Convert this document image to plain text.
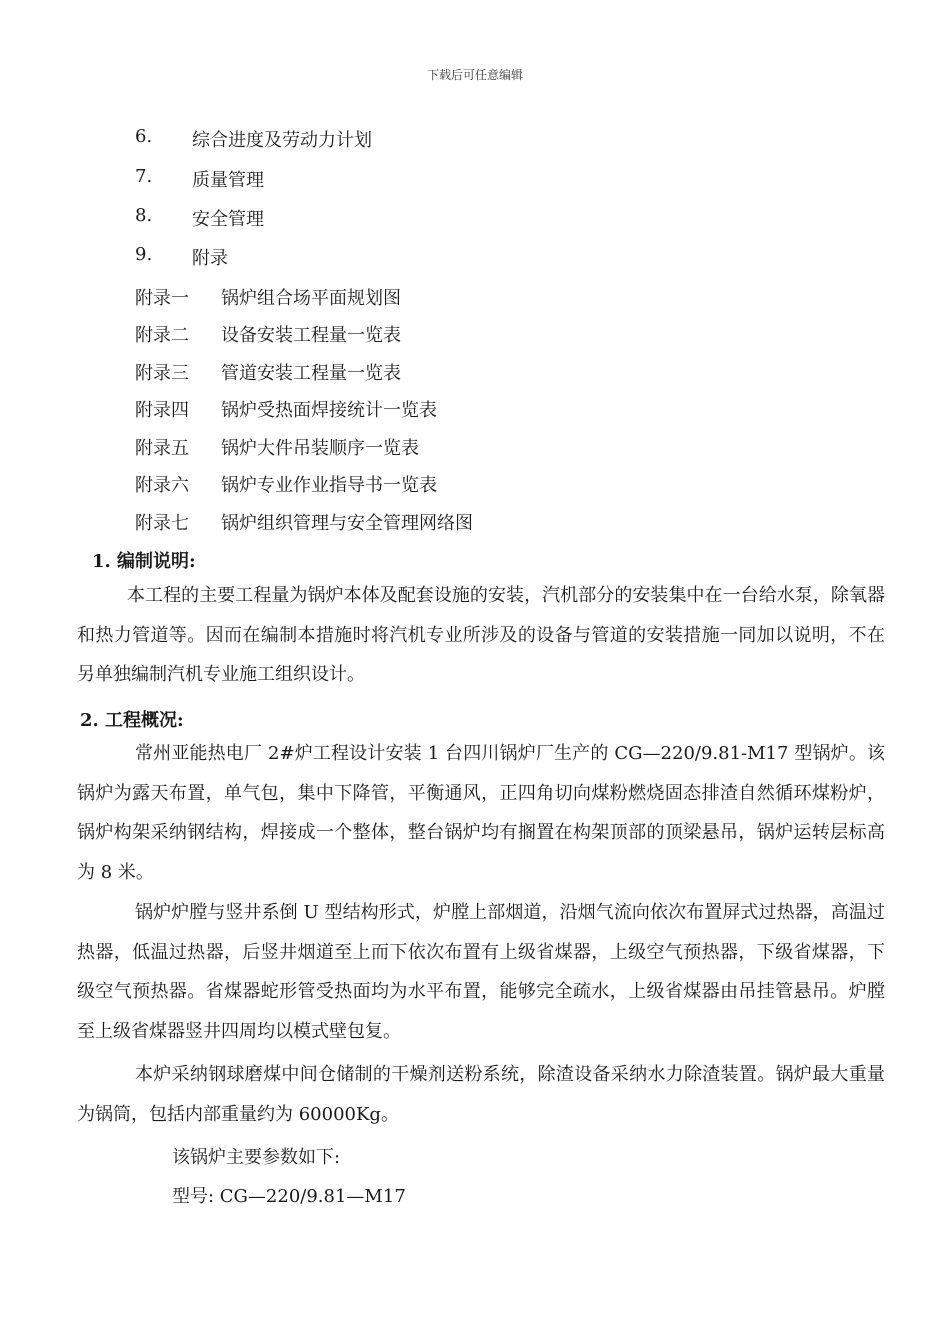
下载后可任意编辑
6. 综合进度及劳动力计划
7. 质量管理
8. 安全管理
9. 附录
附录一 锅炉组合场平面规划图
附录二 设备安装工程量一览表
附录三 管道安装工程量一览表
附录四 锅炉受热面焊接统计一览表
附录五 锅炉大件吊装顺序一览表
附录六 锅炉专业作业指导书一览表
附录七 锅炉组织管理与安全管理网络图
1. 编制说明:
本工程的主要工程量为锅炉本体及配套设施的安装，汽机部分的安装集中在一台给水泵，除氧器和热力管道等。因而在编制本措施时将汽机专业所涉及的设备与管道的安装措施一同加以说明，不在另单独编制汽机专业施工组织设计。
2. 工程概况:
常州亚能热电厂 2#炉工程设计安装 1 台四川锅炉厂生产的 CG—220/9.81-M17 型锅炉。该锅炉为露天布置，单气包，集中下降管，平衡通风，正四角切向煤粉燃烧固态排渣自然循环煤粉炉，锅炉构架采纳钢结构，焊接成一个整体，整台锅炉均有搁置在构架顶部的顶梁悬吊，锅炉运转层标高为 8 米。
锅炉炉膛与竖井系倒 U 型结构形式，炉膛上部烟道，沿烟气流向依次布置屏式过热器，高温过热器，低温过热器，后竖井烟道至上而下依次布置有上级省煤器，上级空气预热器，下级省煤器，下级空气预热器。省煤器蛇形管受热面均为水平布置，能够完全疏水，上级省煤器由吊挂管悬吊。炉膛至上级省煤器竖井四周均以模式壁包复。
本炉采纳钢球磨煤中间仓储制的干燥剂送粉系统，除渣设备采纳水力除渣装置。锅炉最大重量为锅筒，包括内部重量约为 60000Kg。
该锅炉主要参数如下:
型号: CG—220/9.81—M17
